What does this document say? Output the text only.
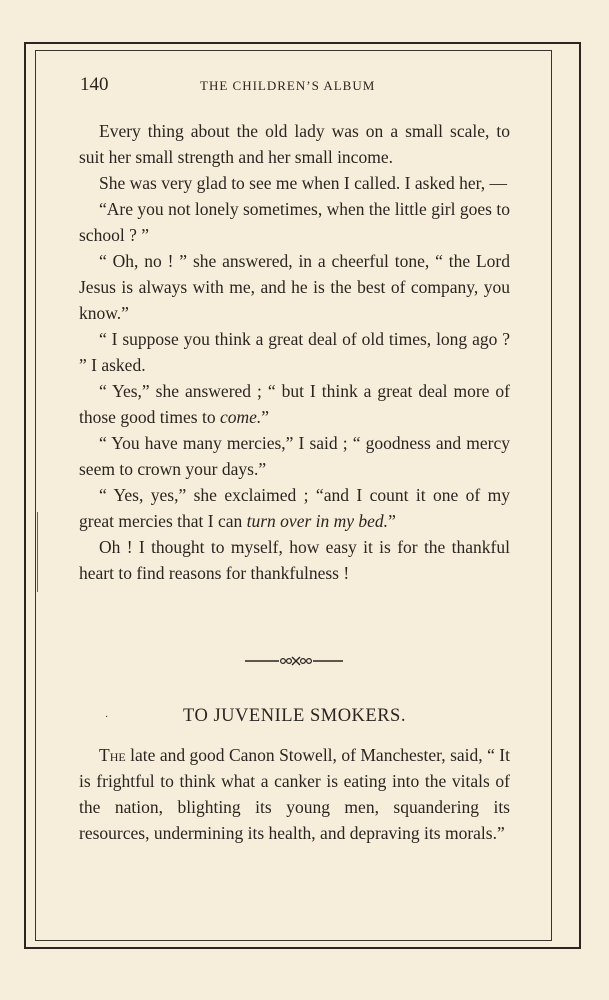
140	THE CHILDREN’S ALBUM

Every thing about the old lady was on a small scale, to suit her small strength and her small income.

She was very glad to see me when I called. I asked her, —

“Are you not lonely sometimes, when the little girl goes to school ? ”

“ Oh, no ! ” she answered, in a cheerful tone, “ the Lord Jesus is always with me, and he is the best of company, you know.”

“ I suppose you think a great deal of old times, long ago ? ” I asked.

“ Yes,” she answered ; “ but I think a great deal more of those good times to come.”

“ You have many mercies,” I said ; “ goodness and mercy seem to crown your days.”

“ Yes, yes,” she exclaimed ; “and I count it one of my great mercies that I can turn over in my bed.”

Oh ! I thought to myself, how easy it is for the thankful heart to find reasons for thankfulness !

·	TO JUVENILE SMOKERS.

The late and good Canon Stowell, of Manchester, said, “ It is frightful to think what a canker is eating into the vitals of the nation, blighting its young men, squandering its resources, undermining its health, and depraving its morals.”
